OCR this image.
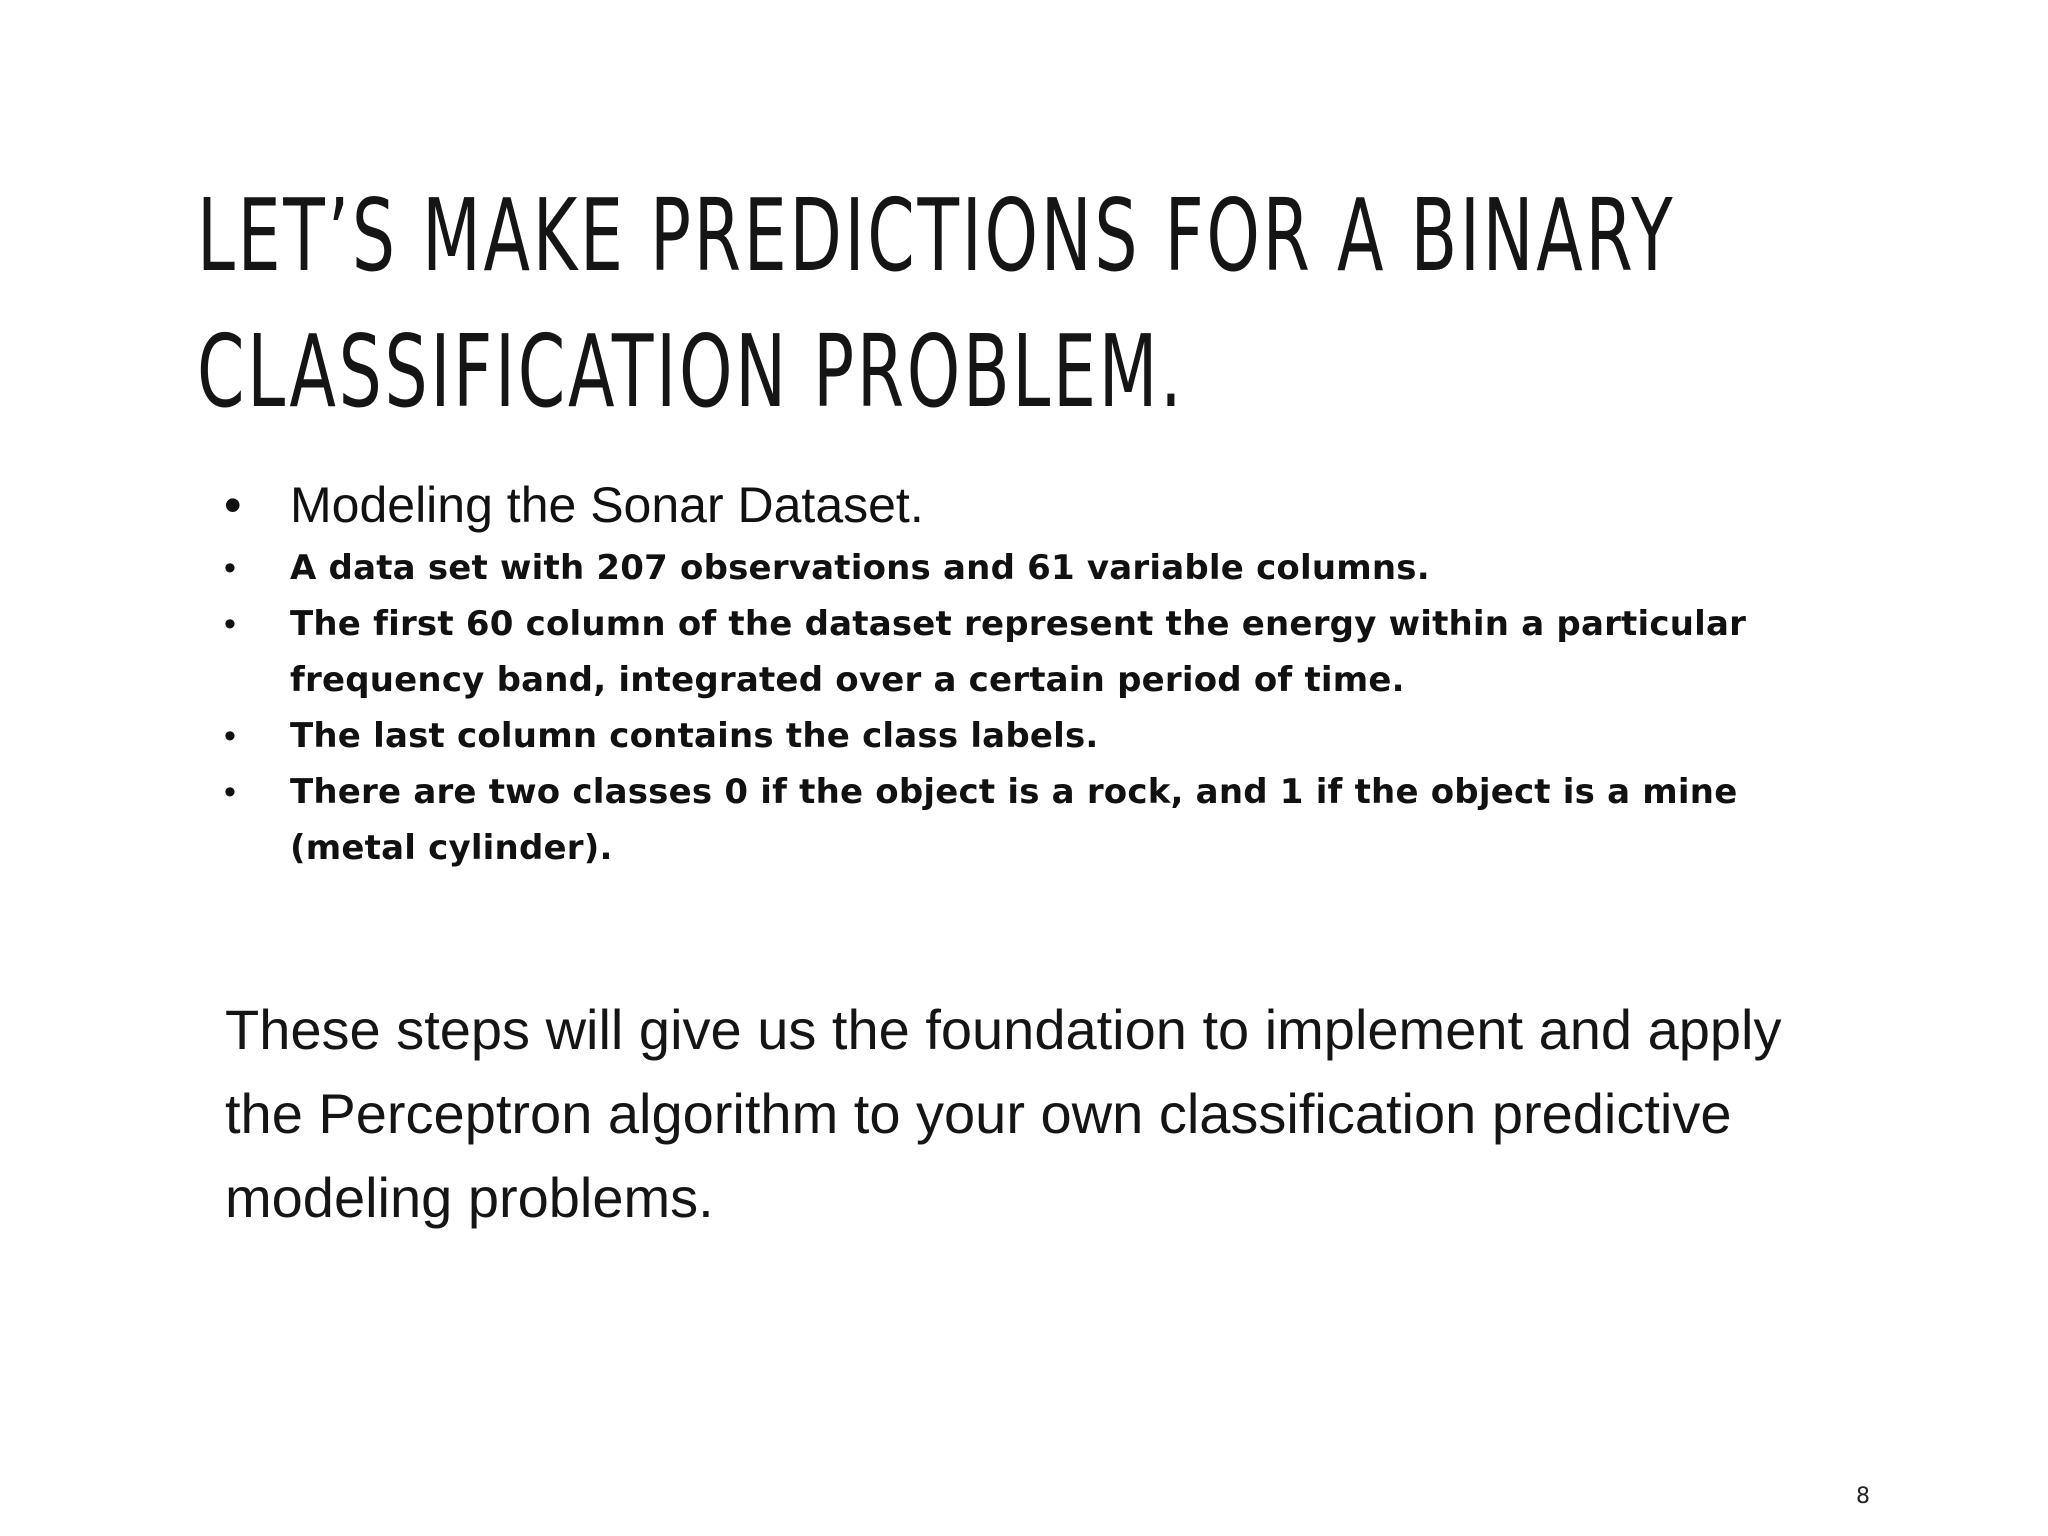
LET’S MAKE PREDICTIONS FOR A BINARY
CLASSIFICATION PROBLEM.
• Modeling the Sonar Dataset.
• A data set with 207 observations and 61 variable columns.
• The first 60 column of the dataset represent the energy within a particular frequency band, integrated over a certain period of time.
• The last column contains the class labels.
• There are two classes 0 if the object is a rock, and 1 if the object is a mine (metal cylinder).

These steps will give us the foundation to implement and apply the Perceptron algorithm to your own classification predictive modeling problems.

8
